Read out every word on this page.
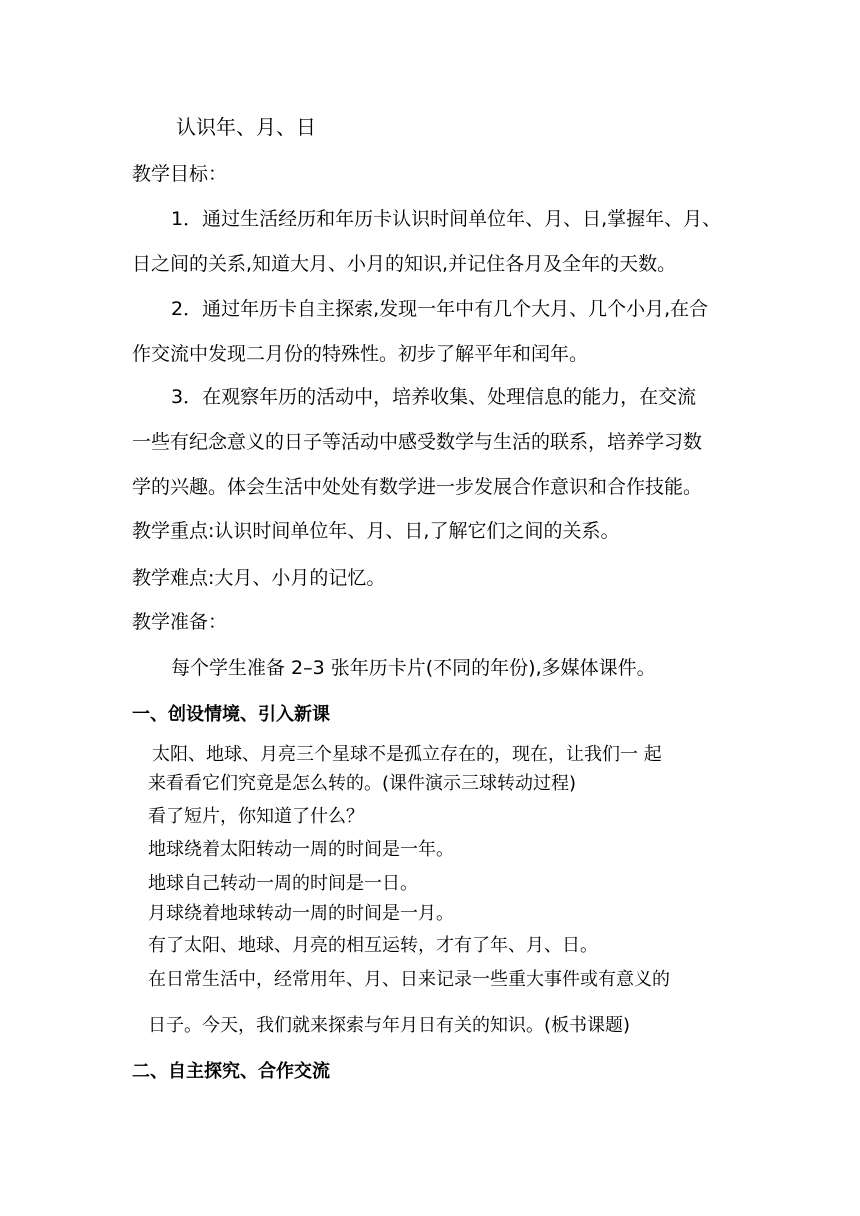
认识年、月、日
教学目标：
1．通过生活经历和年历卡认识时间单位年、月、日,掌握年、月、
日之间的关系,知道大月、小月的知识,并记住各月及全年的天数。
2．通过年历卡自主探索,发现一年中有几个大月、几个小月,在合
作交流中发现二月份的特殊性。初步了解平年和闰年。
3．在观察年历的活动中，培养收集、处理信息的能力，在交流
一些有纪念意义的日子等活动中感受数学与生活的联系，培养学习数
学的兴趣。体会生活中处处有数学进一步发展合作意识和合作技能。
教学重点:认识时间单位年、月、日,了解它们之间的关系。
教学难点:大月、小月的记忆。
教学准备：
每个学生准备 2–3 张年历卡片(不同的年份),多媒体课件。
一、创设情境、引入新课
太阳、地球、月亮三个星球不是孤立存在的，现在，让我们一 起
来看看它们究竟是怎么转的。(课件演示三球转动过程)
看了短片，你知道了什么？
地球绕着太阳转动一周的时间是一年。
地球自己转动一周的时间是一日。
月球绕着地球转动一周的时间是一月。
有了太阳、地球、月亮的相互运转，才有了年、月、日。
在日常生活中，经常用年、月、日来记录一些重大事件或有意义的
日子。今天，我们就来探索与年月日有关的知识。(板书课题)
二、自主探究、合作交流
